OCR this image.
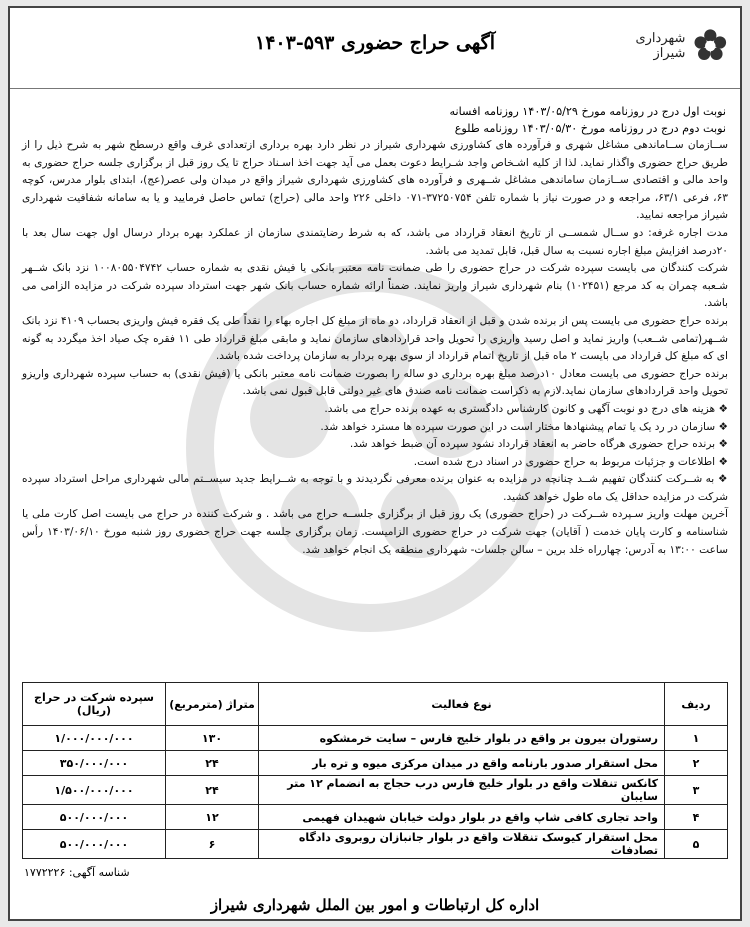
شهرداری شیراز
آگهی حراج حضوری ۵۹۳-۱۴۰۳
نوبت اول درج در روزنامه مورخ ۱۴۰۳/۰۵/۲۹ روزنامه افسانه
نوبت دوم درج در روزنامه مورخ ۱۴۰۳/۰۵/۳۰ روزنامه طلوع

ســازمان ســاماندهی مشاغل شهری و فرآورده های کشاورزی شهرداری شیراز در نظر دارد بهره برداری ازتعدادی غرف واقع درسطح شهر به شرح ذیل را از طریق حراج حضوری واگذار نماید. لذا از کلیه اشـخاص واجد شـرایط دعوت بعمل می آید جهت اخذ اسـناد حراج تا یک روز قبل از برگزاری جلسه حراج حضوری به واحد مالی و اقتصادی ســازمان ساماندهی مشاغل شــهری و فرآورده های کشاورزی شهرداری شیراز واقع در میدان ولی عصر(عج)، ابتدای بلوار مدرس، کوچه ۶۳، فرعی ۶۳/۱، مراجعه و در صورت نیاز با شماره تلفن ۳۷۲۵۰۷۵۴-۰۷۱ داخلی ۲۲۶ واحد مالی (حراج) تماس حاصل فرمایید و یا به سامانه شفافیت شهرداری شیراز مراجعه نمایید.

مدت اجاره غرفه: دو ســال شمســی از تاریخ انعقاد قرارداد می باشد، که به شرط رضایتمندی سازمان از عملکرد بهره بردار درسال اول جهت سال بعد با ۲۰درصد افزایش مبلغ اجاره نسبت به سال قبل، قابل تمدید می باشد.

شرکت کنندگان می بایست سپرده شرکت در حراج حضوری را طی ضمانت نامه معتبر بانکی یا فیش نقدی به شماره حساب ۱۰۰۸۰۵۵۰۴۷۴۲ نزد بانک شــهر شـعبه چمران به کد مرجع (۱۰۲۴۵۱) بنام شهرداری شیراز واریز نمایند. ضمناً ارائه شماره حساب بانک شهر جهت استرداد سپرده شرکت در مزایده الزامی می باشد.

برنده حراج حضوری می بایست پس از برنده شدن و قبل از انعقاد قرارداد، دو ماه از مبلغ کل اجاره بهاء را نقداً طی یک فقره فیش واریزی بحساب ۴۱۰۹ نزد بانک شــهر(تمامی شــعب) واریز نماید و اصل رسید واریزی را تحویل واحد قراردادهای سازمان نماید و مابقی مبلغ قرارداد طی ۱۱ فقره چک صیاد اخذ میگردد به گونه ای که مبلغ کل قرارداد می بایست ۲ ماه قبل از تاریخ اتمام قرارداد از سوی بهره بردار به سازمان پرداخت شده باشد.

برنده حراج حضوری می بایست معادل ۱۰درصد مبلغ بهره برداری دو ساله را بصورت ضمانت نامه معتبر بانکی یا (فیش نقدی) به حساب سپرده شهرداری واریزو تحویل واحد قراردادهای سازمان نماید.لازم به ذکراست ضمانت نامه صندق های غیر دولتی قابل قبول نمی باشد.

❖ هزینه های درج دو نوبت آگهی و کانون کارشناس دادگستری به عهده برنده حراج می باشد.
❖ سازمان در رد یک یا تمام پیشنهادها مختار است در این صورت سپرده ها مسترد خواهد شد.
❖ برنده حراج حضوری هرگاه حاضر به انعقاد قرارداد نشود سپرده آن ضبط خواهد شد.
❖ اطلاعات و جزئیات مربوط به حراج حضوری در اسناد درج شده است.
❖ به شــرکت کنندگان تفهیم شــد چنانچه در مزایده به عنوان برنده معرفی نگردیدند و با توجه به شــرایط جدید سیســتم مالی شهرداری مراحل استرداد سپرده شرکت در مزایده حداقل یک ماه طول خواهد کشید.

آخرین مهلت واریز سـپرده شــرکت در (حراج حضوری) یک روز قبل از برگزاری جلســه حراج می باشد . و شرکت کننده در حراج می بایست اصل کارت ملی یا شناسنامه و کارت پایان خدمت ( آقایان) جهت شرکت در حراج حضوری الزامیست. زمان برگزاری جلسه جهت حراج حضوری روز شنبه مورخ ۱۴۰۳/۰۶/۱۰ رأس ساعت ۱۳:۰۰ به آدرس: چهارراه خلد برین – سالن جلسات- شهرداری منطقه یک انجام خواهد شد.

ردیف	نوع فعالیت	متراژ (مترمربع)	سپرده شرکت در حراج (ریال)
۱	رستوران بیرون بر واقع در بلوار خلیج فارس – سایت خرمشکوه	۱۳۰	۱/۰۰۰/۰۰۰/۰۰۰
۲	محل استقرار صدور بارنامه واقع در میدان مرکزی میوه و تره بار	۲۴	۳۵۰/۰۰۰/۰۰۰
۳	کانکس تنقلات واقع در بلوار خلیج فارس درب حجاج به انضمام ۱۲ متر سایبان	۲۴	۱/۵۰۰/۰۰۰/۰۰۰
۴	واحد تجاری کافی شاپ واقع در بلوار دولت خیابان شهیدان فهیمی	۱۲	۵۰۰/۰۰۰/۰۰۰
۵	محل استقرار کیوسک تنقلات واقع در بلوار جانبازان روبروی دادگاه تصادفات	۶	۵۰۰/۰۰۰/۰۰۰
شناسه آگهی: ۱۷۷۲۲۲۶
اداره کل ارتباطات و امور بین الملل شهرداری شیراز
